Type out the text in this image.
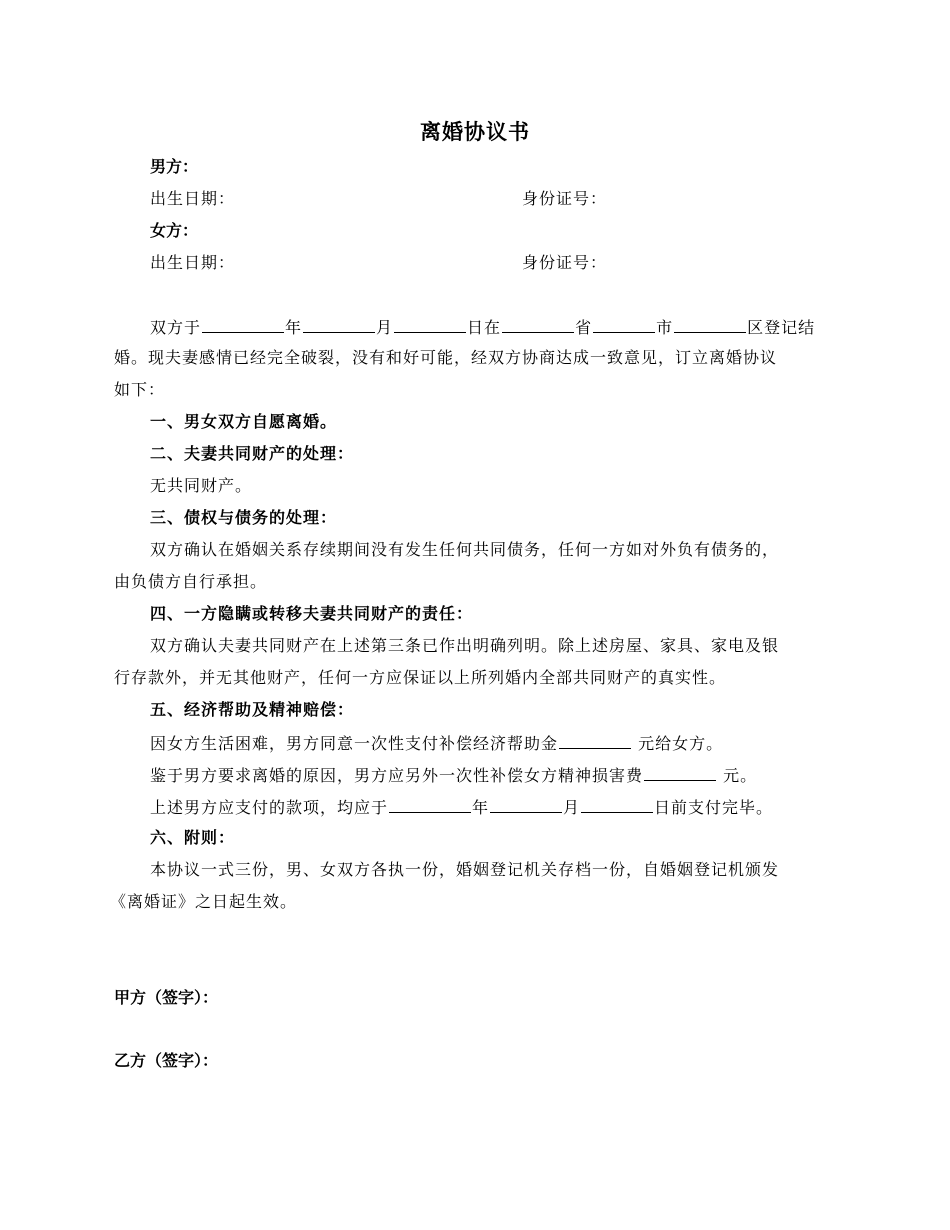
离婚协议书
男方：
出生日期：	身份证号：
女方：
出生日期：	身份证号：
双方于	年	月	日在	省	市	区登记结
婚。现夫妻感情已经完全破裂，没有和好可能，经双方协商达成一致意见，订立离婚协议
如下：
一、男女双方自愿离婚。
二、夫妻共同财产的处理：
无共同财产。
三、债权与债务的处理：
双方确认在婚姻关系存续期间没有发生任何共同债务，任何一方如对外负有债务的，
由负债方自行承担。
四、一方隐瞒或转移夫妻共同财产的责任：
双方确认夫妻共同财产在上述第三条已作出明确列明。除上述房屋、家具、家电及银
行存款外，并无其他财产，任何一方应保证以上所列婚内全部共同财产的真实性。
五、经济帮助及精神赔偿：
因女方生活困难，男方同意一次性支付补偿经济帮助金	元给女方。
鉴于男方要求离婚的原因，男方应另外一次性补偿女方精神损害费	元。
上述男方应支付的款项，均应于	年	月	日前支付完毕。
六、附则：
本协议一式三份，男、女双方各执一份，婚姻登记机关存档一份，自婚姻登记机颁发
《离婚证》之日起生效。
甲方（签字）：
乙方（签字）：
